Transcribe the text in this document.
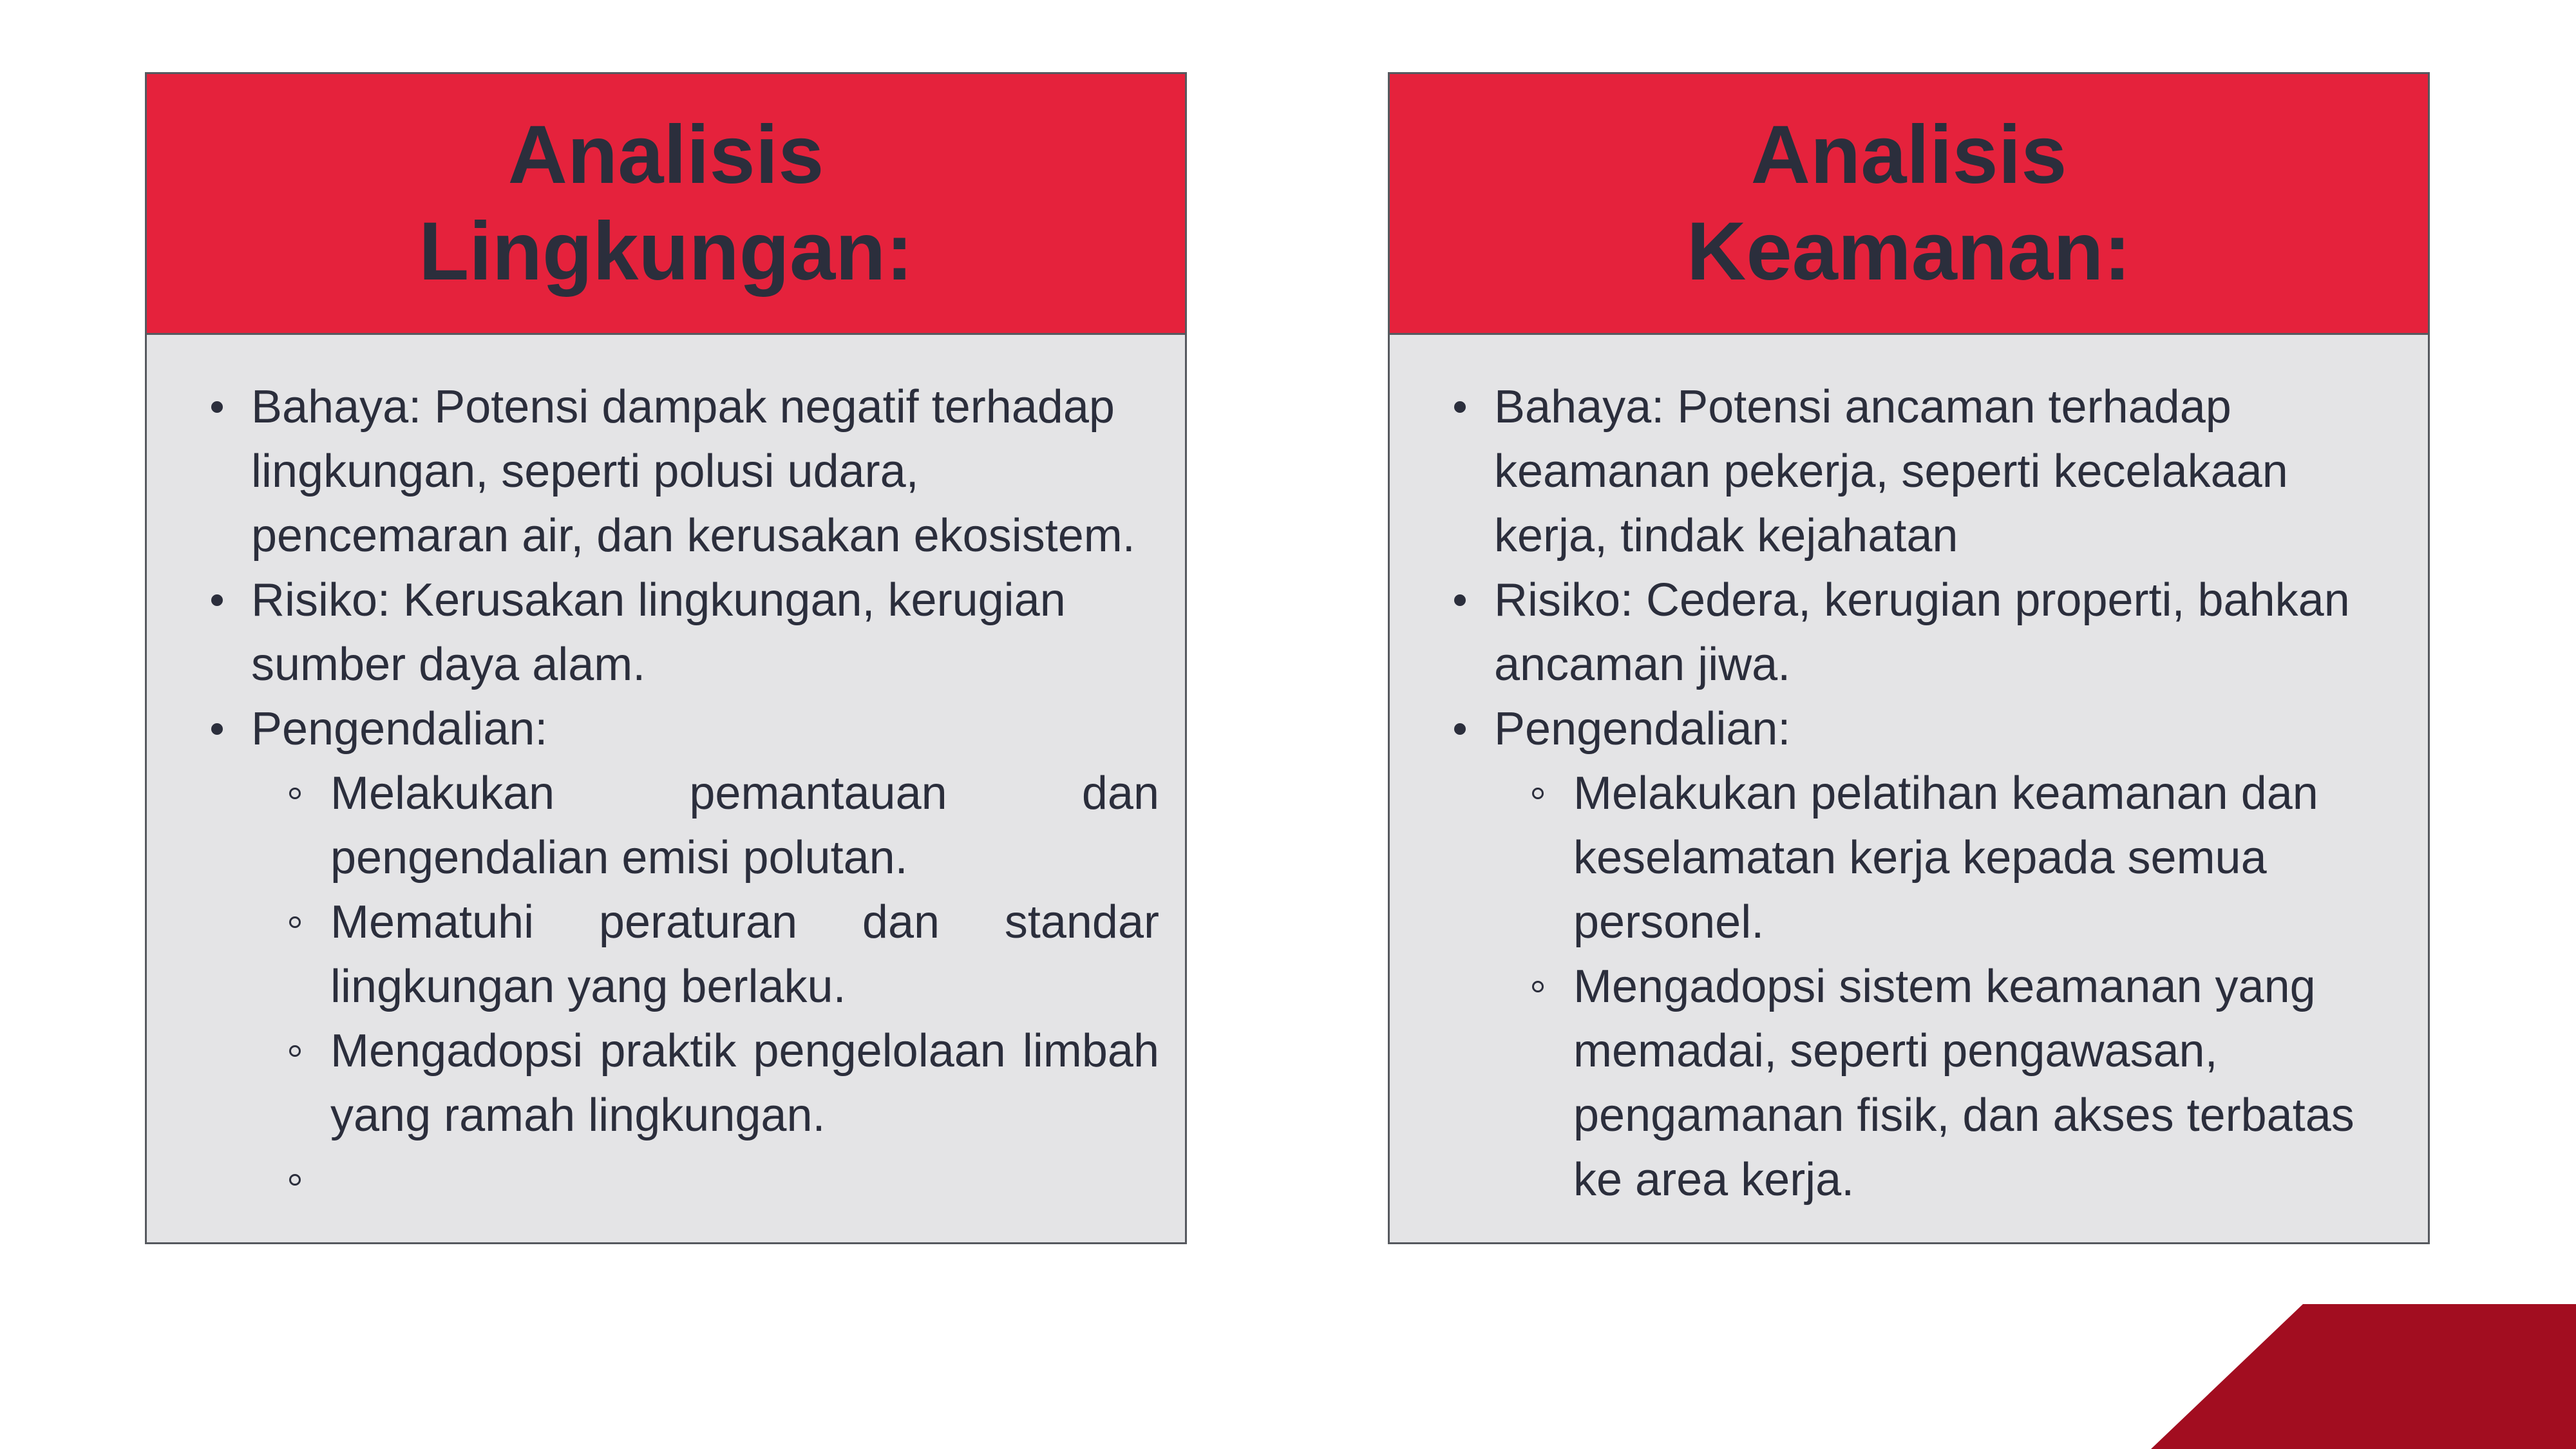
Analisis
Lingkungan:
Bahaya: Potensi dampak negatif terhadap lingkungan, seperti polusi udara, pencemaran air, dan kerusakan ekosistem.
Risiko: Kerusakan lingkungan, kerugian sumber daya alam.
Pengendalian:
Melakukan pemantauan dan pengendalian emisi polutan.
Mematuhi peraturan dan standar lingkungan yang berlaku.
Mengadopsi praktik pengelolaan limbah yang ramah lingkungan.
Analisis
Keamanan:
Bahaya: Potensi ancaman terhadap keamanan pekerja, seperti kecelakaan kerja, tindak kejahatan
Risiko: Cedera, kerugian properti, bahkan ancaman jiwa.
Pengendalian:
Melakukan pelatihan keamanan dan keselamatan kerja kepada semua personel.
Mengadopsi sistem keamanan yang memadai, seperti pengawasan, pengamanan fisik, dan akses terbatas ke area kerja.
